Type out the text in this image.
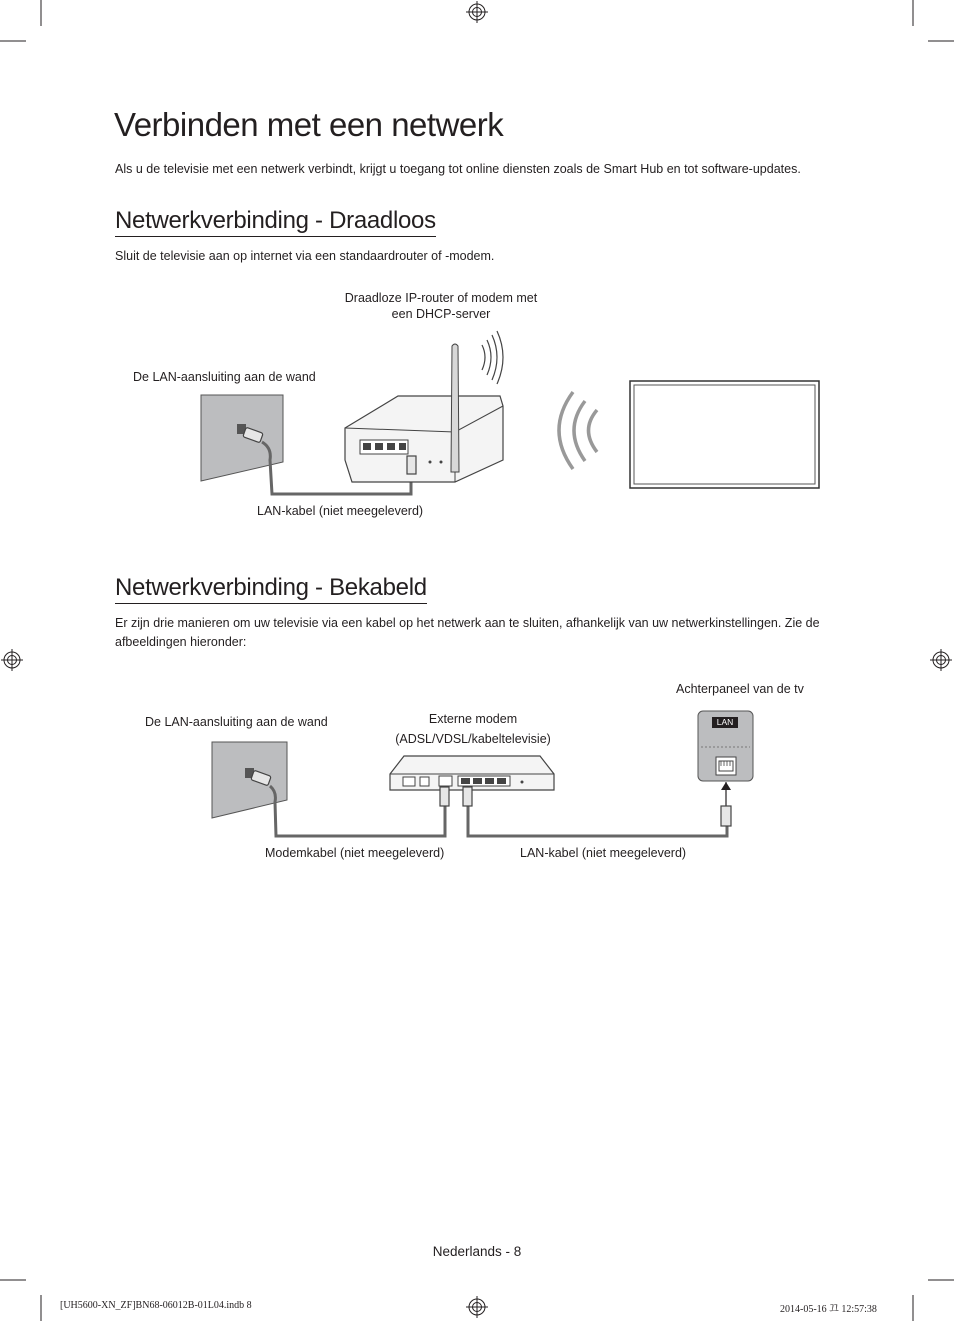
Verbinden met een netwerk
Als u de televisie met een netwerk verbindt, krijgt u toegang tot online diensten zoals de Smart Hub en tot software-updates.
Netwerkverbinding - Draadloos
Sluit de televisie aan op internet via een standaardrouter of -modem.
Draadloze IP-router of modem met
een DHCP-server
De LAN-aansluiting aan de wand
LAN-kabel (niet meegeleverd)
Netwerkverbinding - Bekabeld
Er zijn drie manieren om uw televisie via een kabel op het netwerk aan te sluiten, afhankelijk van uw netwerkinstellingen. Zie de afbeeldingen hieronder:
LAN
Achterpaneel van de tv
De LAN-aansluiting aan de wand	Externe modem
(ADSL/VDSL/kabeltelevisie)
Modemkabel (niet meegeleverd)	LAN-kabel (niet meegeleverd)
Nederlands - 8
[UH5600-XN_ZF]BN68-06012B-01L04.indb 8	2014-05-16 끄 12:57:38
